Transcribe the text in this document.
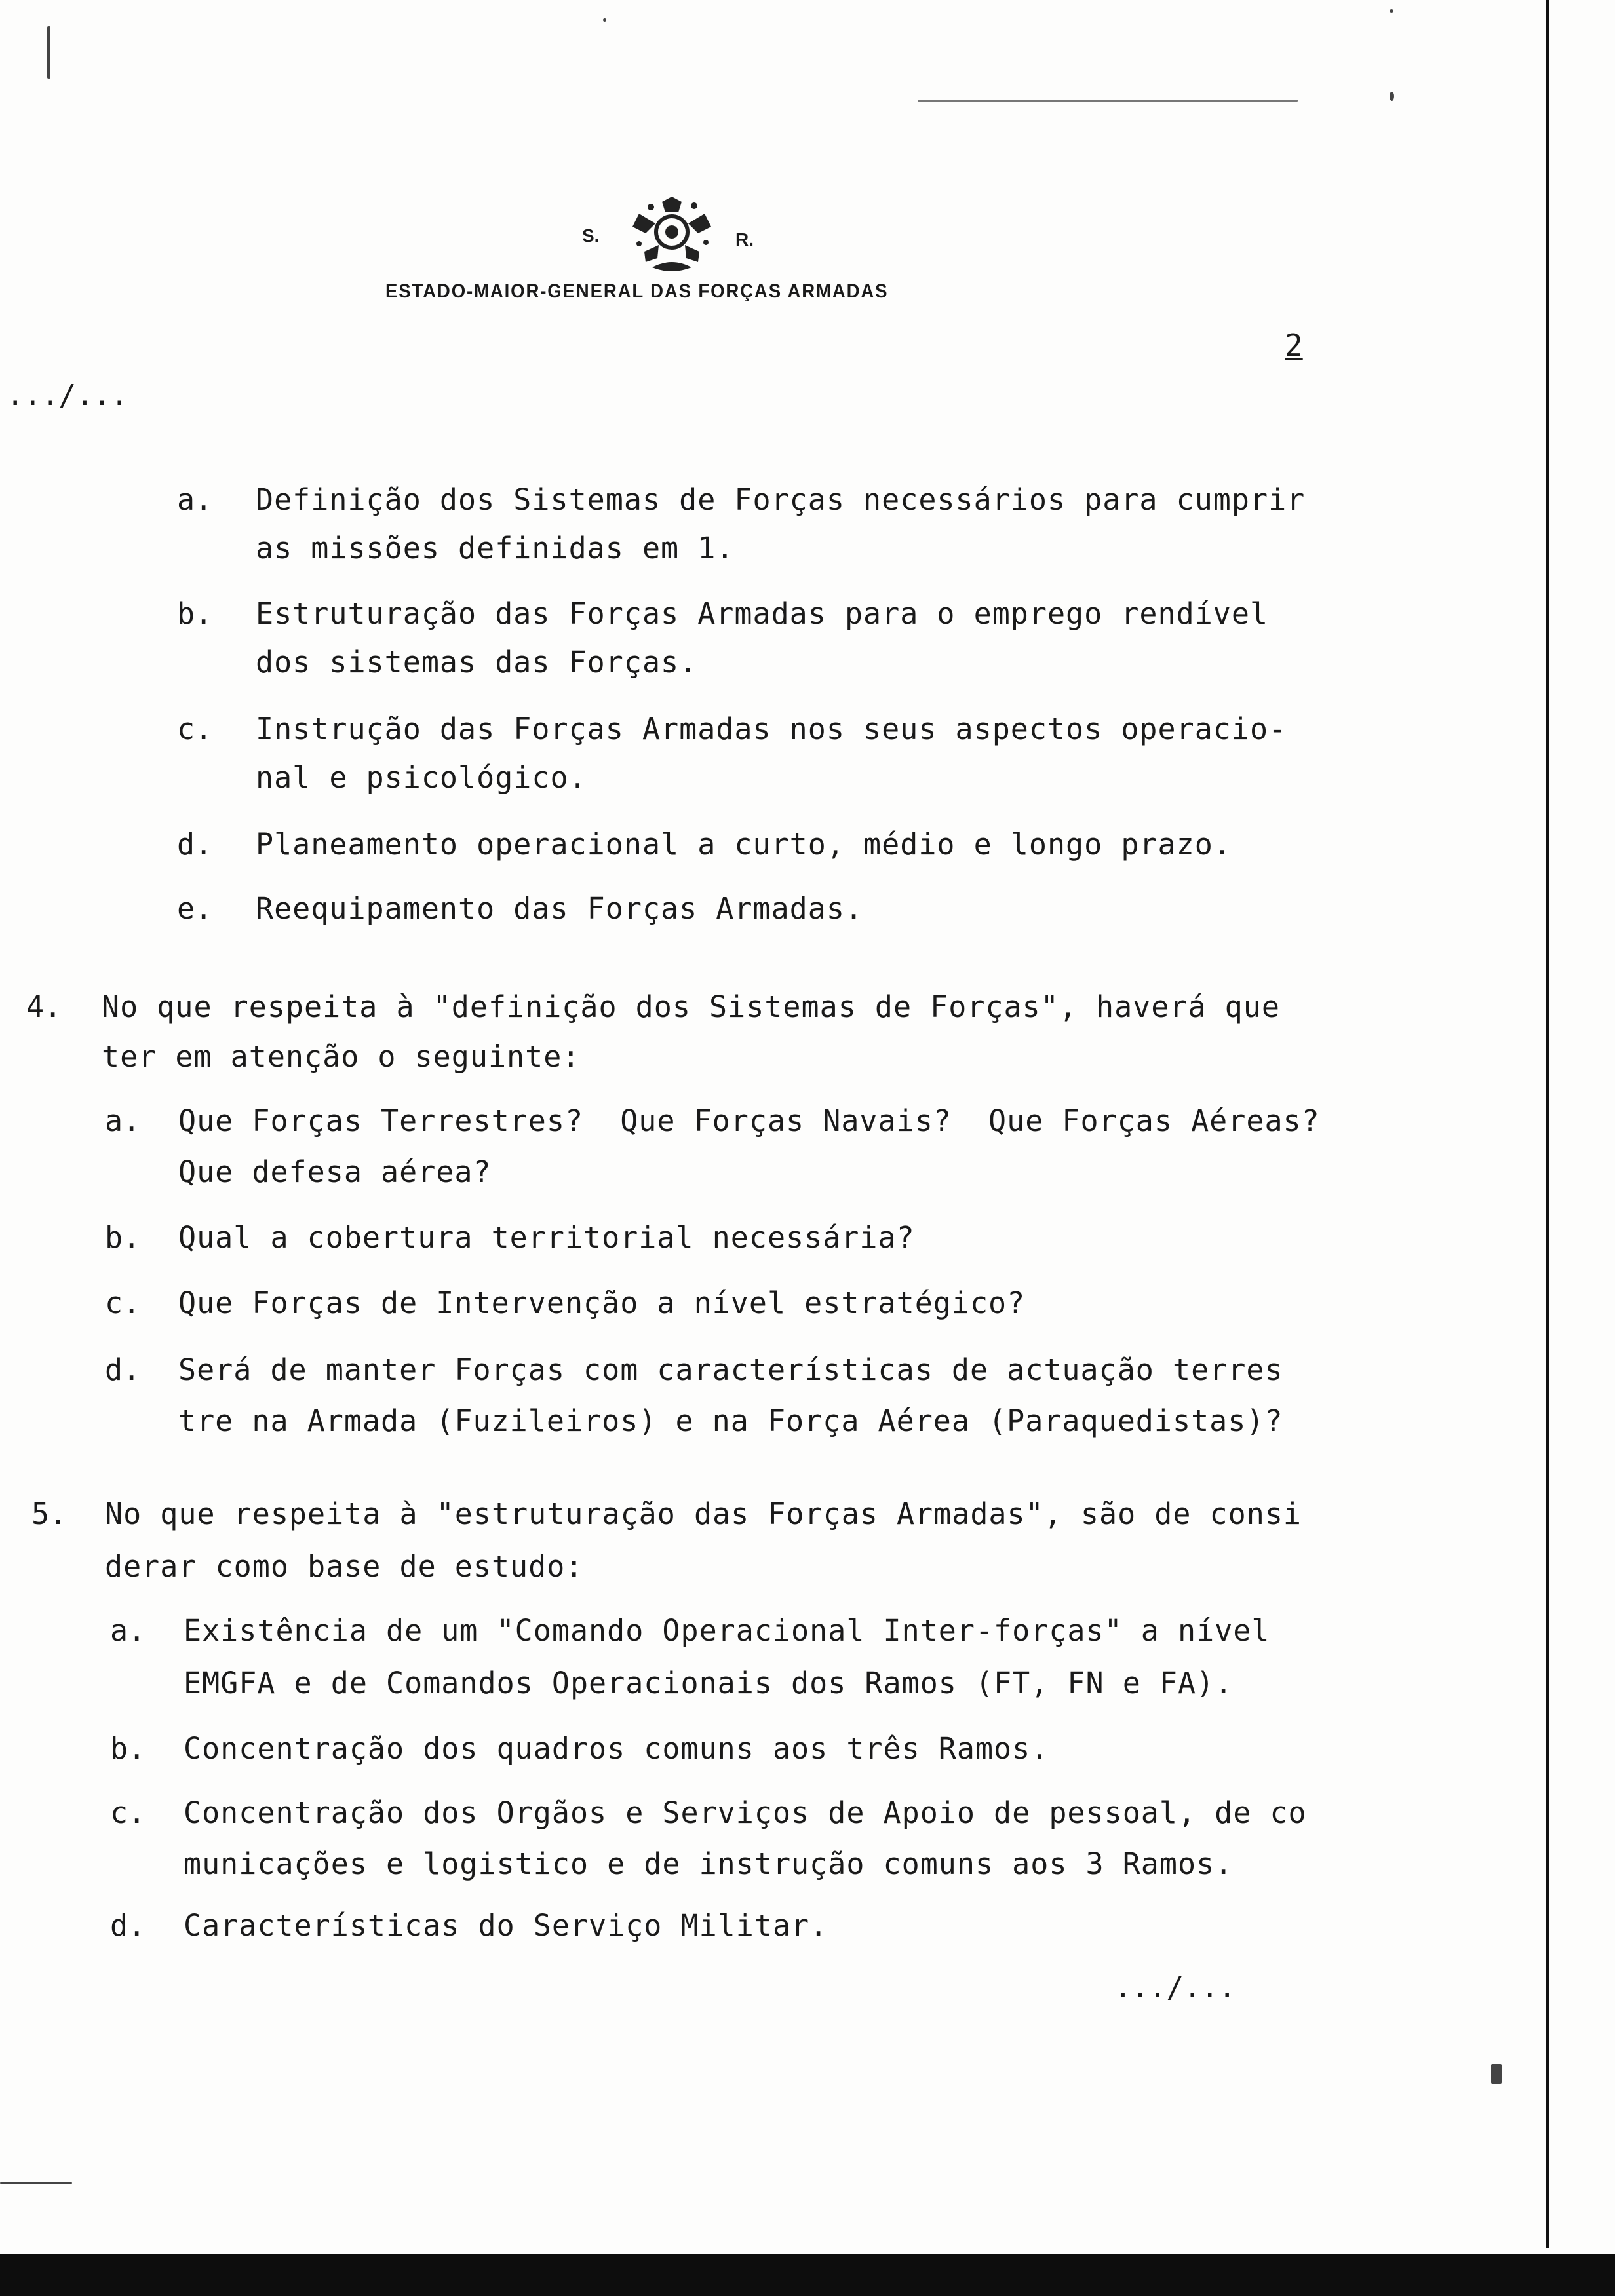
S.	R.
ESTADO-MAIOR-GENERAL DAS FORÇAS ARMADAS
2
.../...
a. Definição dos Sistemas de Forças necessários para cumprir
as missões definidas em 1.
b. Estruturação das Forças Armadas para o emprego rendível
dos sistemas das Forças.
c. Instrução das Forças Armadas nos seus aspectos operacio-
nal e psicológico.
d. Planeamento operacional a curto, médio e longo prazo.
e. Reequipamento das Forças Armadas.
4. No que respeita à "definição dos Sistemas de Forças", haverá que
ter em atenção o seguinte:
a. Que Forças Terrestres?  Que Forças Navais?  Que Forças Aéreas?
Que defesa aérea?
b. Qual a cobertura territorial necessária?
c. Que Forças de Intervenção a nível estratégico?
d. Será de manter Forças com características de actuação terres
tre na Armada (Fuzileiros) e na Força Aérea (Paraquedistas)?
5. No que respeita à "estruturação das Forças Armadas", são de consi
derar como base de estudo:
a. Existência de um "Comando Operacional Inter-forças" a nível
EMGFA e de Comandos Operacionais dos Ramos (FT, FN e FA).
b. Concentração dos quadros comuns aos três Ramos.
c. Concentração dos Orgãos e Serviços de Apoio de pessoal, de co
municações e logistico e de instrução comuns aos 3 Ramos.
d. Características do Serviço Militar.
.../...
